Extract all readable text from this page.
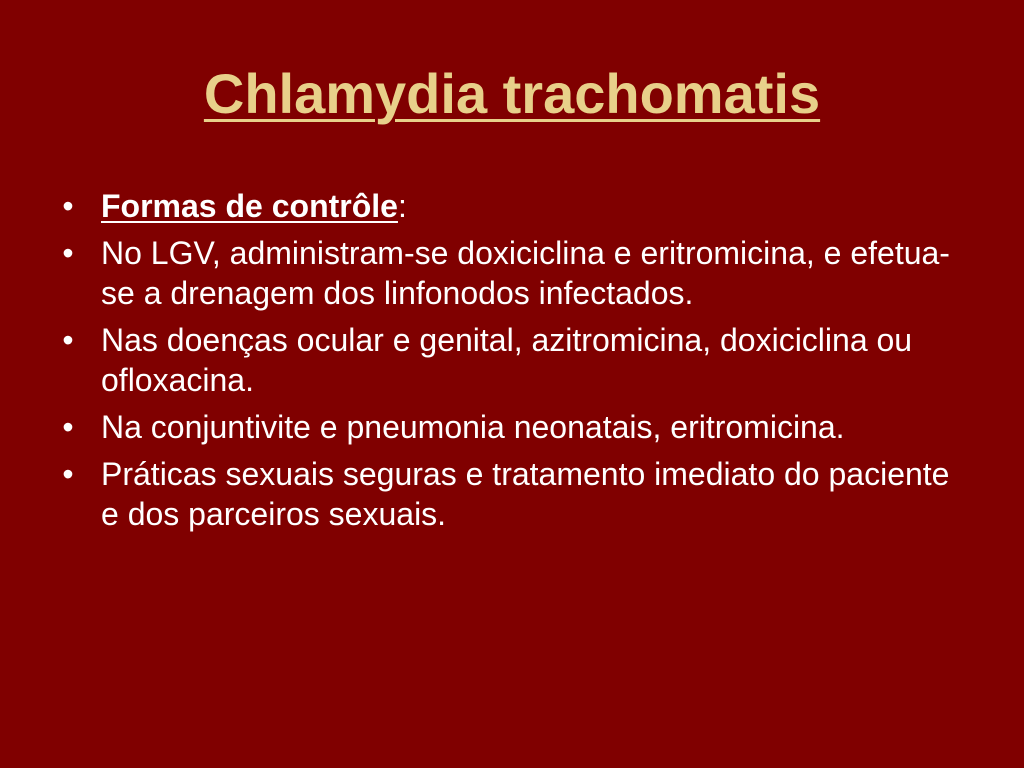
Chlamydia trachomatis
• Formas de contrôle:
• No LGV, administram-se doxiciclina e eritromicina, e efetua-se a drenagem dos linfonodos infectados.
• Nas doenças ocular e genital, azitromicina, doxiciclina ou ofloxacina.
• Na conjuntivite e pneumonia neonatais, eritromicina.
• Práticas sexuais seguras e tratamento imediato do paciente e dos parceiros sexuais.
